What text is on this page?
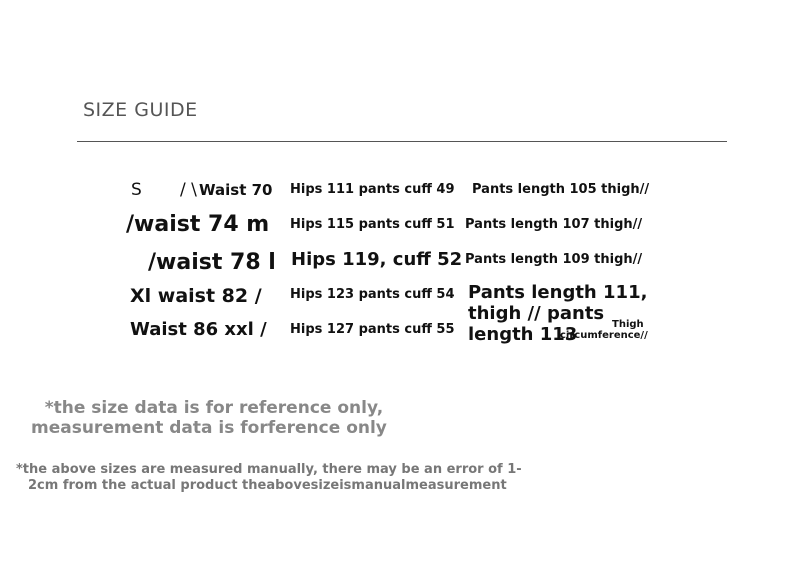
SIZE GUIDE
S / \ Waist 70 Hips 111 pants cuff 49 Pants length 105 thigh//
/waist 74 m Hips 115 pants cuff 51 Pants length 107 thigh//
/waist 78 l Hips 119, cuff 52 Pants length 109 thigh//
Xl waist 82 / Hips 123 pants cuff 54 Pants length 111,
thigh // pants
length 113
Waist 86 xxl / Hips 127 pants cuff 55	Thigh
circumference//
*the size data is for reference only,
measurement data is forference only
*the above sizes are measured manually, there may be an error of 1-
2cm from the actual product theabovesizeismanualmeasurement
